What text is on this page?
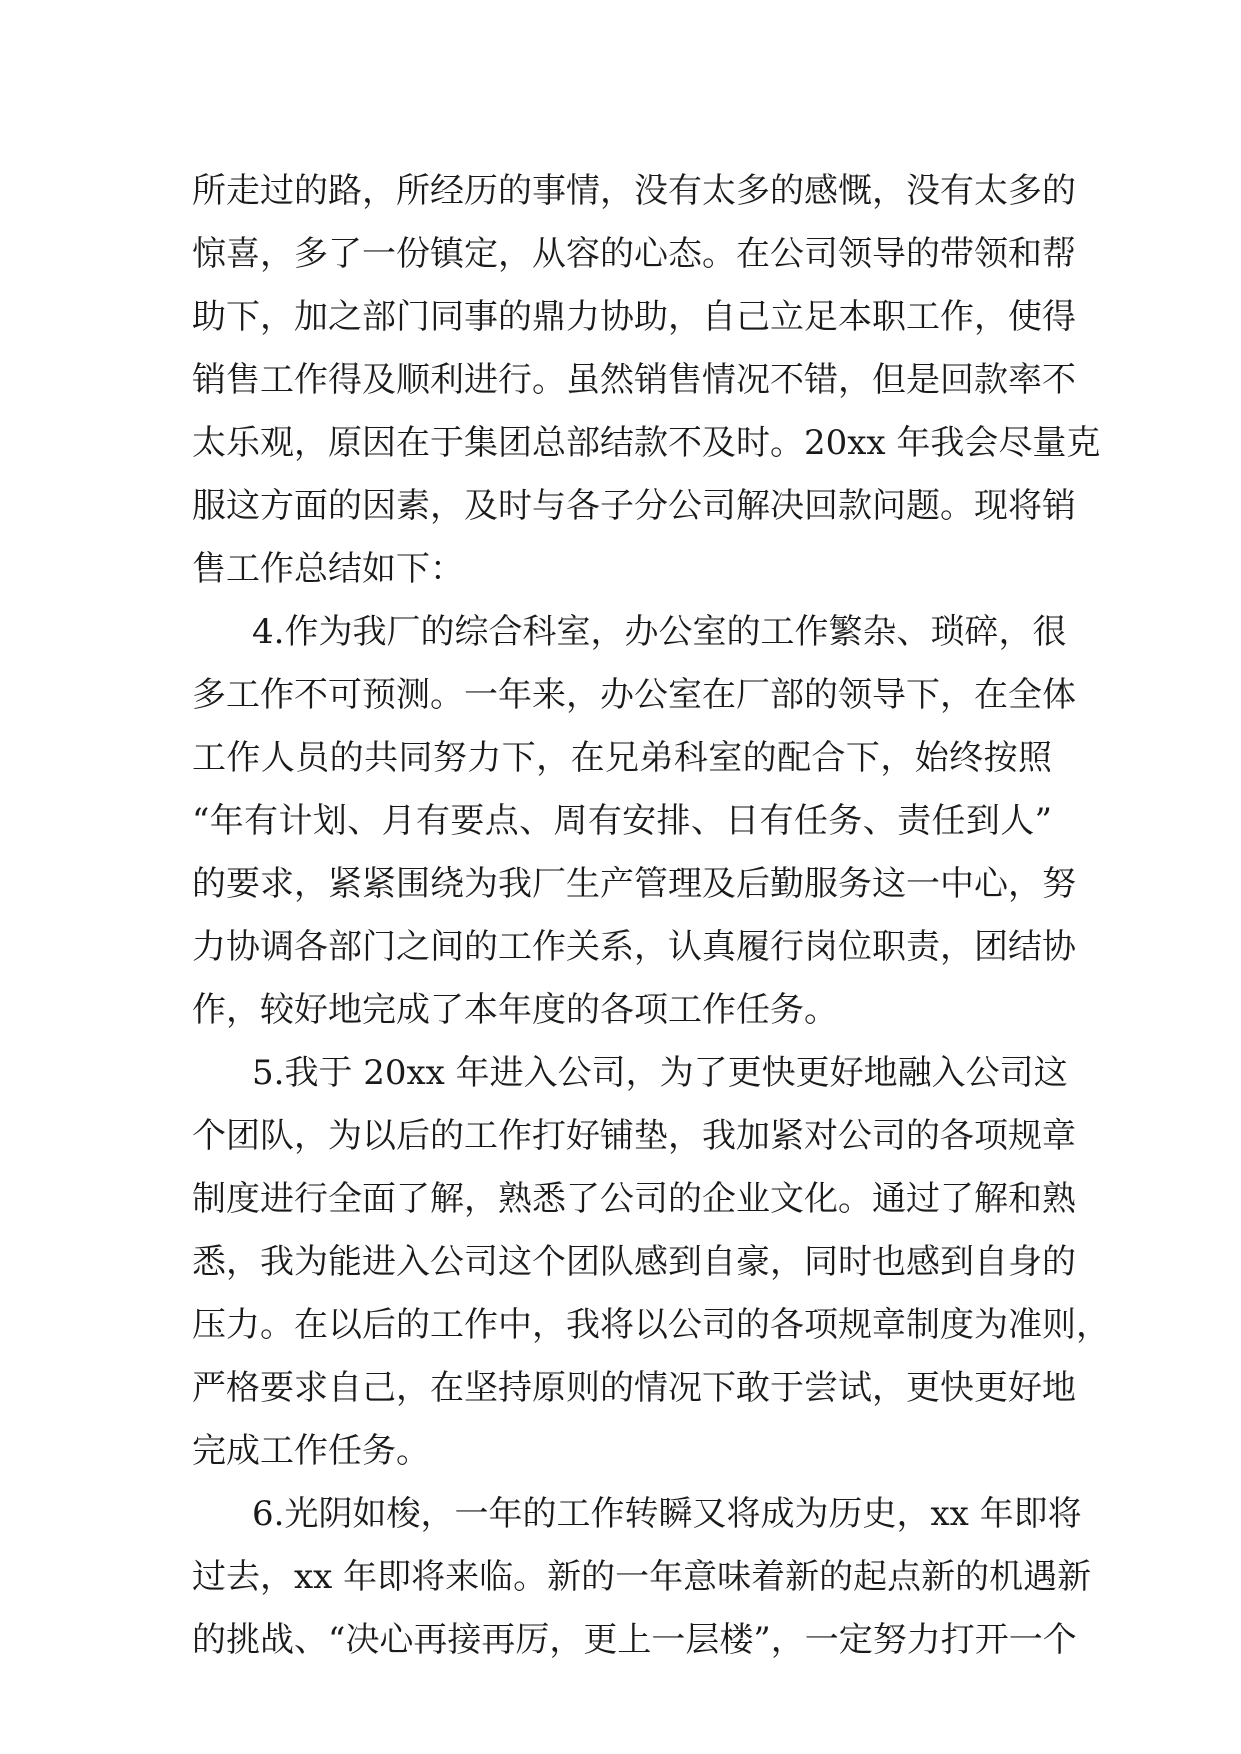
所走过的路，所经历的事情，没有太多的感慨，没有太多的
惊喜，多了一份镇定，从容的心态。在公司领导的带领和帮
助下，加之部门同事的鼎力协助，自己立足本职工作，使得
销售工作得及顺利进行。虽然销售情况不错，但是回款率不
太乐观，原因在于集团总部结款不及时。20xx 年我会尽量克
服这方面的因素，及时与各子分公司解决回款问题。现将销
售工作总结如下：
4.作为我厂的综合科室，办公室的工作繁杂、琐碎，很
多工作不可预测。一年来，办公室在厂部的领导下，在全体
工作人员的共同努力下，在兄弟科室的配合下，始终按照
“年有计划、月有要点、周有安排、日有任务、责任到人”
的要求，紧紧围绕为我厂生产管理及后勤服务这一中心，努
力协调各部门之间的工作关系，认真履行岗位职责，团结协
作，较好地完成了本年度的各项工作任务。
5.我于 20xx 年进入公司，为了更快更好地融入公司这
个团队，为以后的工作打好铺垫，我加紧对公司的各项规章
制度进行全面了解，熟悉了公司的企业文化。通过了解和熟
悉，我为能进入公司这个团队感到自豪，同时也感到自身的
压力。在以后的工作中，我将以公司的各项规章制度为准则，
严格要求自己，在坚持原则的情况下敢于尝试，更快更好地
完成工作任务。
6.光阴如梭，一年的工作转瞬又将成为历史，xx 年即将
过去，xx 年即将来临。新的一年意味着新的起点新的机遇新
的挑战、“决心再接再厉，更上一层楼”，一定努力打开一个
